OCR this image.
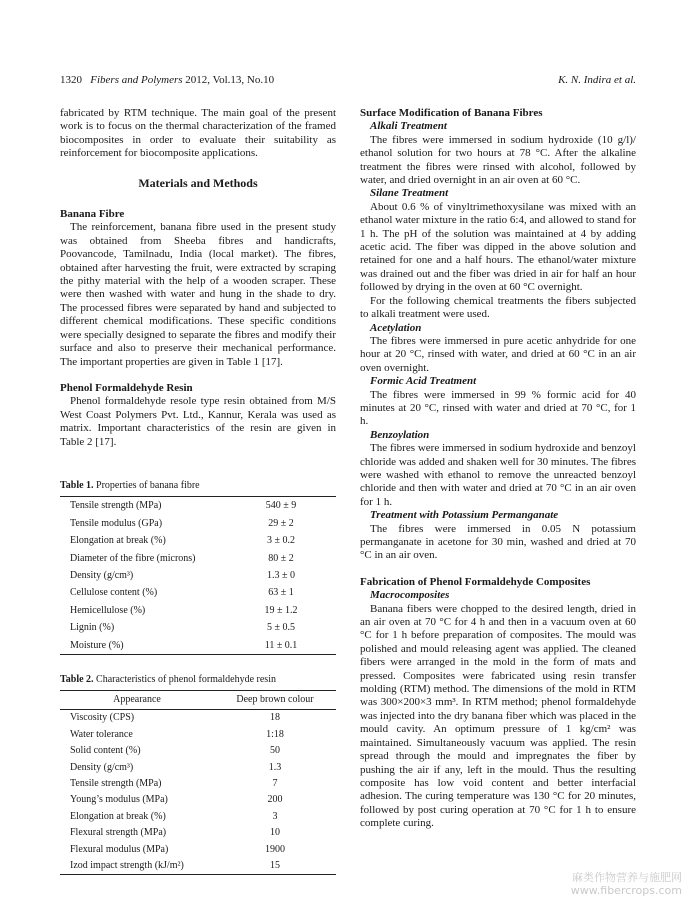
1320 Fibers and Polymers 2012, Vol.13, No.10	K. N. Indira et al.

fabricated by RTM technique. The main goal of the present work is to focus on the thermal characterization of the framed biocomposites in order to evaluate their suitability as reinforcement for biocomposite applications.

Materials and Methods
Banana Fibre

The reinforcement, banana fibre used in the present study was obtained from Sheeba fibres and handicrafts, Poovancode, Tamilnadu, India (local market). The fibres, obtained after harvesting the fruit, were extracted by scraping the pithy material with the help of a wooden scraper. These were then washed with water and hung in the shade to dry. The processed fibres were separated by hand and subjected to different chemical modifications. These specific conditions were specially designed to separate the fibres and modify their surface and also to preserve their mechanical performance. The important properties are given in Table 1 [17].

Phenol Formaldehyde Resin

Phenol formaldehyde resole type resin obtained from M/S West Coast Polymers Pvt. Ltd., Kannur, Kerala was used as matrix. Important characteristics of the resin are given in Table 2 [17].

Table 1. Properties of banana fibre
Tensile strength (MPa)	540 ± 9
Tensile modulus (GPa)	29 ± 2
Elongation at break (%)	3 ± 0.2
Diameter of the fibre (microns)	80 ± 2
Density (g/cm³)	1.3 ± 0
Cellulose content (%)	63 ± 1
Hemicellulose (%)	19 ± 1.2
Lignin (%)	5 ± 0.5
Moisture (%)	11 ± 0.1
Table 2. Characteristics of phenol formaldehyde resin
Appearance	Deep brown colour
Viscosity (CPS)	18
Water tolerance	1:18
Solid content (%)	50
Density (g/cm³)	1.3
Tensile strength (MPa)	7
Young’s modulus (MPa)	200
Elongation at break (%)	3
Flexural strength (MPa)	10
Flexural modulus (MPa)	1900
Izod impact strength (kJ/m²)	15
Surface Modification of Banana Fibres
Alkali Treatment

The fibres were immersed in sodium hydroxide (10 g/l)/ ethanol solution for two hours at 78 °C. After the alkaline treatment the fibres were rinsed with alcohol, followed by water, and dried overnight in an air oven at 60 °C.

Silane Treatment

About 0.6 % of vinyltrimethoxysilane was mixed with an ethanol water mixture in the ratio 6:4, and allowed to stand for 1 h. The pH of the solution was maintained at 4 by adding acetic acid. The fiber was dipped in the above solution and retained for one and a half hours. The ethanol/water mixture was drained out and the fiber was dried in air for half an hour followed by drying in the oven at 60 °C overnight.

For the following chemical treatments the fibers subjected to alkali treatment were used.

Acetylation

The fibres were immersed in pure acetic anhydride for one hour at 20 °C, rinsed with water, and dried at 60 °C in an air oven overnight.

Formic Acid Treatment

The fibres were immersed in 99 % formic acid for 40 minutes at 20 °C, rinsed with water and dried at 70 °C, for 1 h.

Benzoylation

The fibres were immersed in sodium hydroxide and benzoyl chloride was added and shaken well for 30 minutes. The fibres were washed with ethanol to remove the unreacted benzoyl chloride and then with water and dried at 70 °C in an air oven for 1 h.

Treatment with Potassium Permanganate

The fibres were immersed in 0.05 N potassium permanganate in acetone for 30 min, washed and dried at 70 °C in an air oven.

Fabrication of Phenol Formaldehyde Composites
Macrocomposites

Banana fibers were chopped to the desired length, dried in an air oven at 70 °C for 4 h and then in a vacuum oven at 60 °C for 1 h before preparation of composites. The mould was polished and mould releasing agent was applied. The cleaned fibers were arranged in the mold in the form of mats and pressed. Composites were fabricated using resin transfer molding (RTM) method. The dimensions of the mold in RTM was 300×200×3 mm³. In RTM method; phenol formaldehyde was injected into the dry banana fiber which was placed in the mould cavity. An optimum pressure of 1 kg/cm² was maintained. Simultaneously vacuum was applied. The resin spread through the mould and impregnates the fiber by pushing the air if any, left in the mould. Thus the resulting composite has low void content and better interfacial adhesion. The curing temperature was 130 °C for 20 minutes, followed by post curing operation at 70 °C for 1 h to ensure complete curing.

麻类作物营养与施肥网
www.fibercrops.com
